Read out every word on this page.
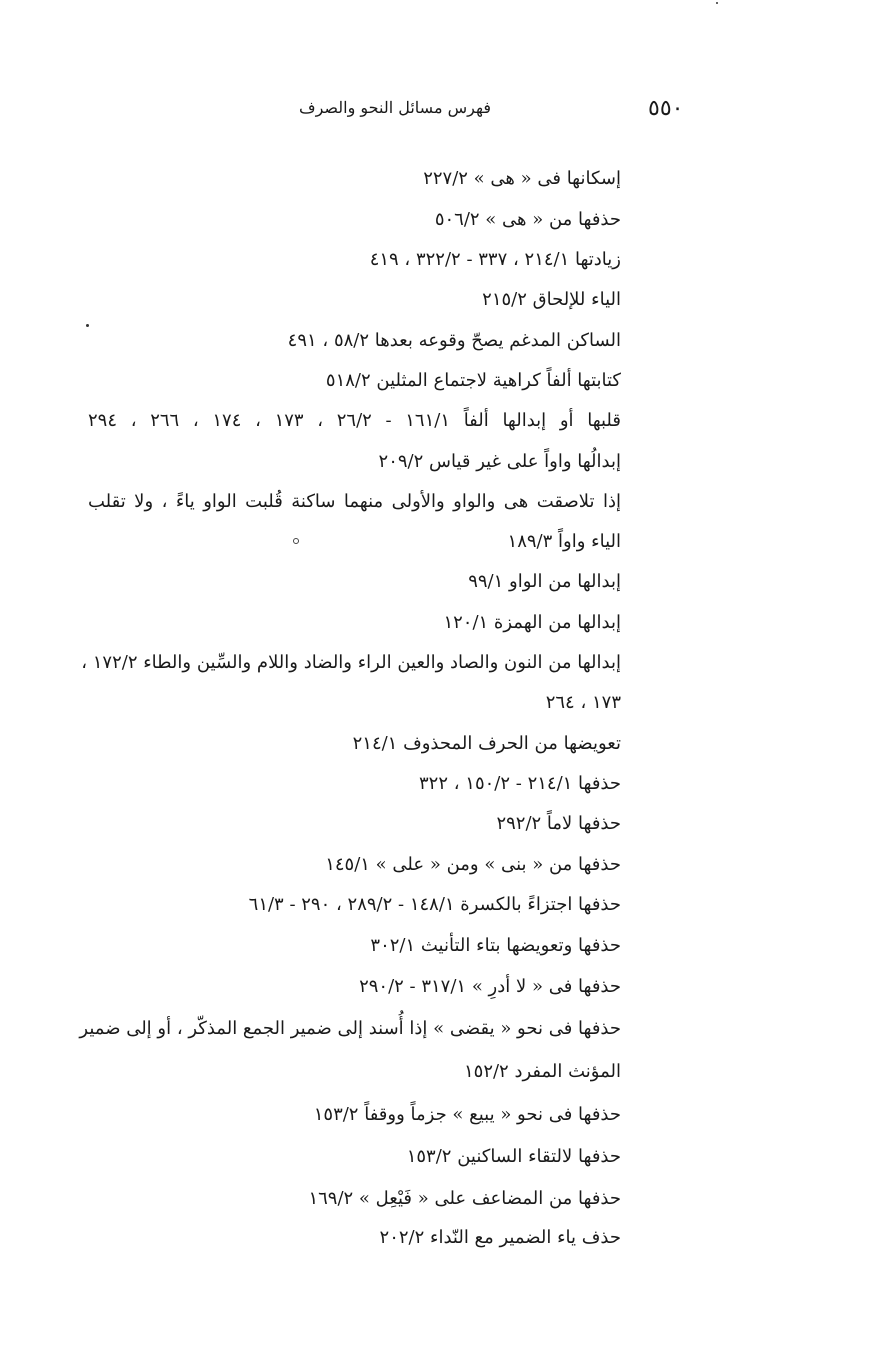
٥٥٠
فهرس مسائل النحو والصرف
إسكانها فى « هى » ٢٢٧/٢
حذفها من « هى » ٥٠٦/٢
زيادتها ٢١٤/١ ، ٣٣٧ - ٣٢٢/٢ ، ٤١٩
الياء للإلحاق ٢١٥/٢
الساكن المدغم يصحّ وقوعه بعدها ٥٨/٢ ، ٤٩١
كتابتها ألفاً كراهية لاجتماع المثلين ٥١٨/٢
قلبها أو إبدالها ألفاً ١٦١/١ - ٢٦/٢ ، ١٧٣ ، ١٧٤ ، ٢٦٦ ، ٢٩٤
إبدالُها واواً على غير قياس ٢٠٩/٢
إذا تلاصقت هى والواو والأولى منهما ساكنة قُلبت الواو ياءً ، ولا تقلب
الياء واواً ١٨٩/٣
إبدالها من الواو ٩٩/١
إبدالها من الهمزة ١٢٠/١
إبدالها من النون والصاد والعين الراء والضاد واللام والسِّين والطاء ١٧٢/٢ ،
١٧٣ ، ٢٦٤
تعويضها من الحرف المحذوف ٢١٤/١
حذفها ٢١٤/١ - ١٥٠/٢ ، ٣٢٢
حذفها لاماً ٢٩٢/٢
حذفها من « بنى » ومن « على » ١٤٥/١
حذفها اجتزاءً بالكسرة ١٤٨/١ - ٢٨٩/٢ ، ٢٩٠ - ٦١/٣
حذفها وتعويضها بتاء التأنيث ٣٠٢/١
حذفها فى « لا أدرِ » ٣١٧/١ - ٢٩٠/٢
حذفها فى نحو « يقضى » إذا أُسند إلى ضمير الجمع المذكّر ، أو إلى ضمير
المؤنث المفرد ١٥٢/٢
حذفها فى نحو « يبيع » جزماً ووقفاً ١٥٣/٢
حذفها لالتقاء الساكنين ١٥٣/٢
حذفها من المضاعف على « فَيْعِل » ١٦٩/٢
حذف ياء الضمير مع النّداء ٢٠٢/٢
